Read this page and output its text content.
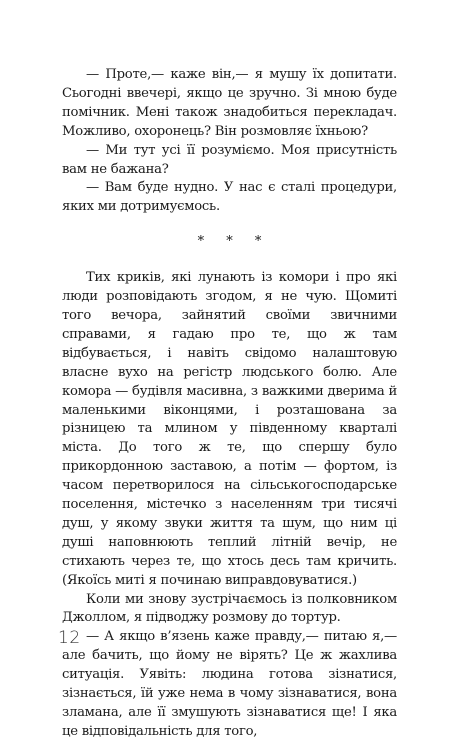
— Проте,— каже він,— я мушу їх допитати. Сьогодні ввечері, якщо це зручно. Зі мною буде помічник. Мені також знадобиться перекладач. Можливо, охоронець? Він розмовляє їхньою?

— Ми тут усі її розуміємо. Моя присутність вам не бажана?

— Вам буде нудно. У нас є сталі процедури, яких ми дотримуємось.

* * *

Тих криків, які лунають із комори і про які люди розповідають згодом, я не чую. Щомиті того вечора, зайнятий своїми звичними справами, я гадаю про те, що ж там відбувається, і навіть свідомо налаштовую власне вухо на регістр людського болю. Але комора — будівля масивна, з важкими дверима й маленькими віконцями, і розташована за різницею та млином у південному кварталі міста. До того ж те, що спершу було прикордонною заставою, а потім — фортом, із часом перетворилося на сільськогосподарське поселення, містечко з населенням три тисячі душ, у якому звуки життя та шум, що ним ці душі наповнюють теплий літній вечір, не стихають через те, що хтось десь там кричить. (Якоїсь миті я починаю виправдовуватися.)

Коли ми знову зустрічаємось із полковником Джоллом, я підводжу розмову до тортур.

— А якщо в’язень каже правду,— питаю я,— але бачить, що йому не вірять? Це ж жахлива ситуація. Уявіть: людина готова зізнатися, зізнається, їй уже нема в чому зізнаватися, вона зламана, але її змушують зізнаватися ще! І яка це відповідальність для того,

12
